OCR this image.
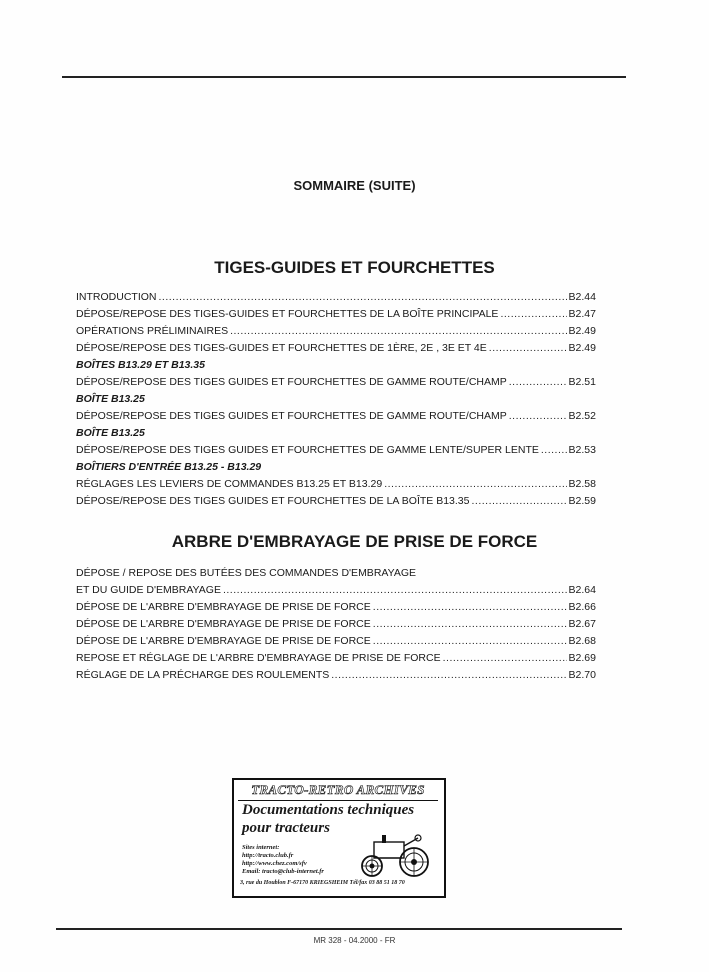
SOMMAIRE (SUITE)
TIGES-GUIDES ET FOURCHETTES
INTRODUCTION .....	B2.44
DÉPOSE/REPOSE DES TIGES-GUIDES ET FOURCHETTES DE LA BOÎTE PRINCIPALE .....	B2.47
OPÉRATIONS PRÉLIMINAIRES .....	B2.49
DÉPOSE/REPOSE DES TIGES-GUIDES ET FOURCHETTES DE 1ÈRE, 2E , 3E ET 4E .....	B2.49
BOÎTES B13.29 ET B13.35
DÉPOSE/REPOSE DES TIGES GUIDES ET FOURCHETTES DE GAMME ROUTE/CHAMP .....	B2.51
BOÎTE B13.25
DÉPOSE/REPOSE DES TIGES GUIDES ET FOURCHETTES DE GAMME ROUTE/CHAMP .....	B2.52
BOÎTE B13.25
DÉPOSE/REPOSE DES TIGES GUIDES ET FOURCHETTES DE GAMME LENTE/SUPER LENTE .....	B2.53
BOÎTIERS D'ENTRÉE B13.25 - B13.29
RÉGLAGES LES LEVIERS DE COMMANDES B13.25 ET B13.29 .....	B2.58
DÉPOSE/REPOSE DES TIGES GUIDES ET FOURCHETTES DE LA BOÎTE B13.35 .....	B2.59
ARBRE D'EMBRAYAGE DE PRISE DE FORCE
DÉPOSE / REPOSE DES BUTÉES DES COMMANDES D'EMBRAYAGE
ET DU GUIDE D'EMBRAYAGE .....	B2.64
DÉPOSE DE L'ARBRE D'EMBRAYAGE DE PRISE DE FORCE .....	B2.66
DÉPOSE DE L'ARBRE D'EMBRAYAGE DE PRISE DE FORCE .....	B2.67
DÉPOSE DE L'ARBRE D'EMBRAYAGE DE PRISE DE FORCE .....	B2.68
REPOSE ET RÉGLAGE DE L'ARBRE D'EMBRAYAGE DE PRISE DE FORCE .....	B2.69
RÉGLAGE DE LA PRÉCHARGE DES ROULEMENTS .....	B2.70
TRACTO-RETRO ARCHIVES
Documentations techniques
pour tracteurs
Sites internet:
http://tracto.club.fr
http://www.chez.com/sfv
Email: tracto@club-internet.fr
3, rue du Houblon F-67170 KRIEGSHEIM Tél/fax 03 88 51 18 70
MR 328 - 04.2000 - FR
